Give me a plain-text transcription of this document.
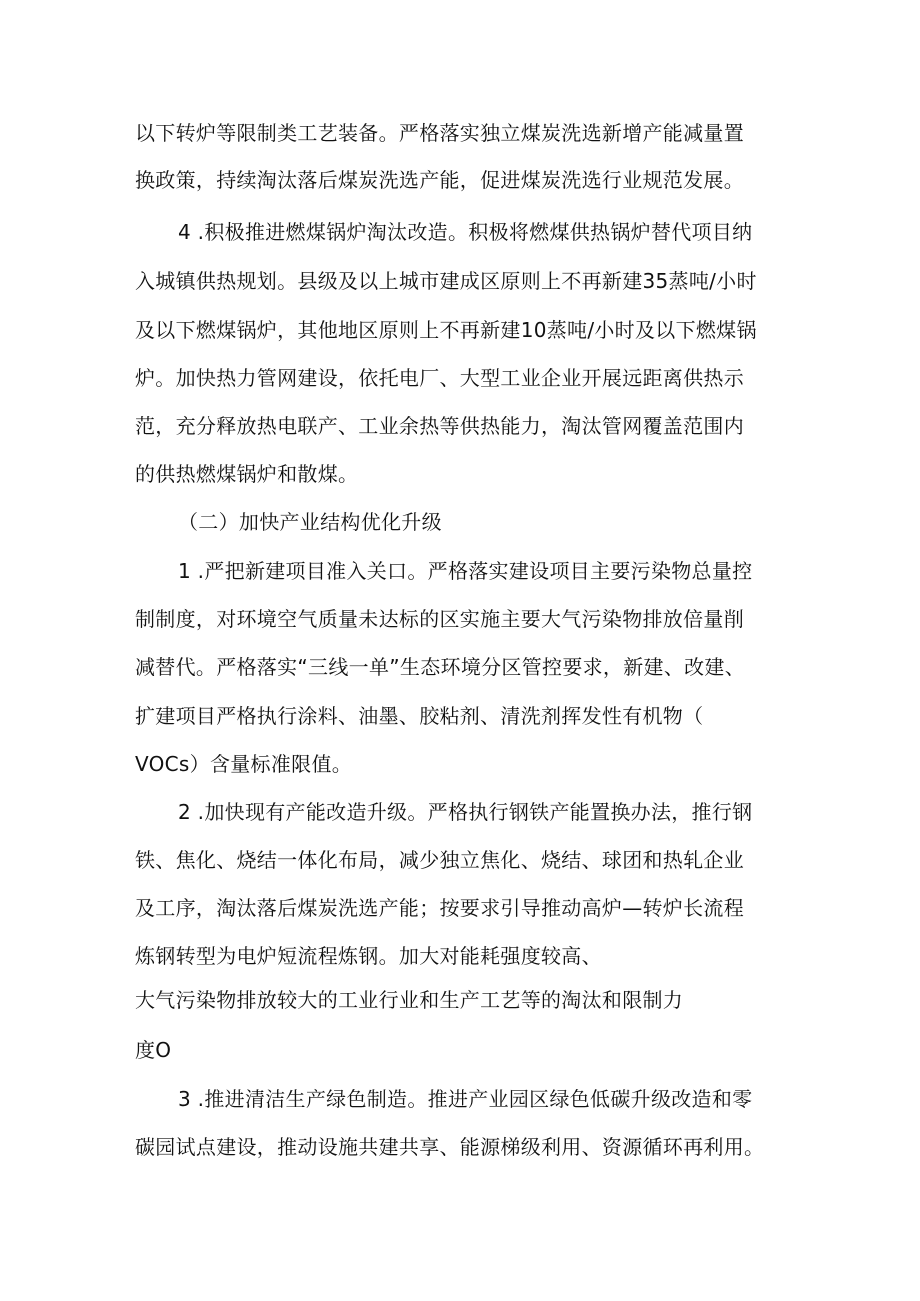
以下转炉等限制类工艺装备。严格落实独立煤炭洗选新增产能减量置
换政策，持续淘汰落后煤炭洗选产能，促进煤炭洗选行业规范发展。
4 .积极推进燃煤锅炉淘汰改造。积极将燃煤供热锅炉替代项目纳
入城镇供热规划。县级及以上城市建成区原则上不再新建35蒸吨/小时
及以下燃煤锅炉，其他地区原则上不再新建10蒸吨/小时及以下燃煤锅
炉。加快热力管网建设，依托电厂、大型工业企业开展远距离供热示
范，充分释放热电联产、工业余热等供热能力，淘汰管网覆盖范围内
的供热燃煤锅炉和散煤。
（二）加快产业结构优化升级
1 .严把新建项目准入关口。严格落实建设项目主要污染物总量控
制制度，对环境空气质量未达标的区实施主要大气污染物排放倍量削
减替代。严格落实“三线一单”生态环境分区管控要求，新建、改建、
扩建项目严格执行涂料、油墨、胶粘剂、清洗剂挥发性有机物（
VOCs）含量标准限值。
2 .加快现有产能改造升级。严格执行钢铁产能置换办法，推行钢
铁、焦化、烧结一体化布局，减少独立焦化、烧结、球团和热轧企业
及工序，淘汰落后煤炭洗选产能；按要求引导推动高炉—转炉长流程
炼钢转型为电炉短流程炼钢。加大对能耗强度较高、
大气污染物排放较大的工业行业和生产工艺等的淘汰和限制力
度O
3 .推进清洁生产绿色制造。推进产业园区绿色低碳升级改造和零
碳园试点建设，推动设施共建共享、能源梯级利用、资源循环再利用。
